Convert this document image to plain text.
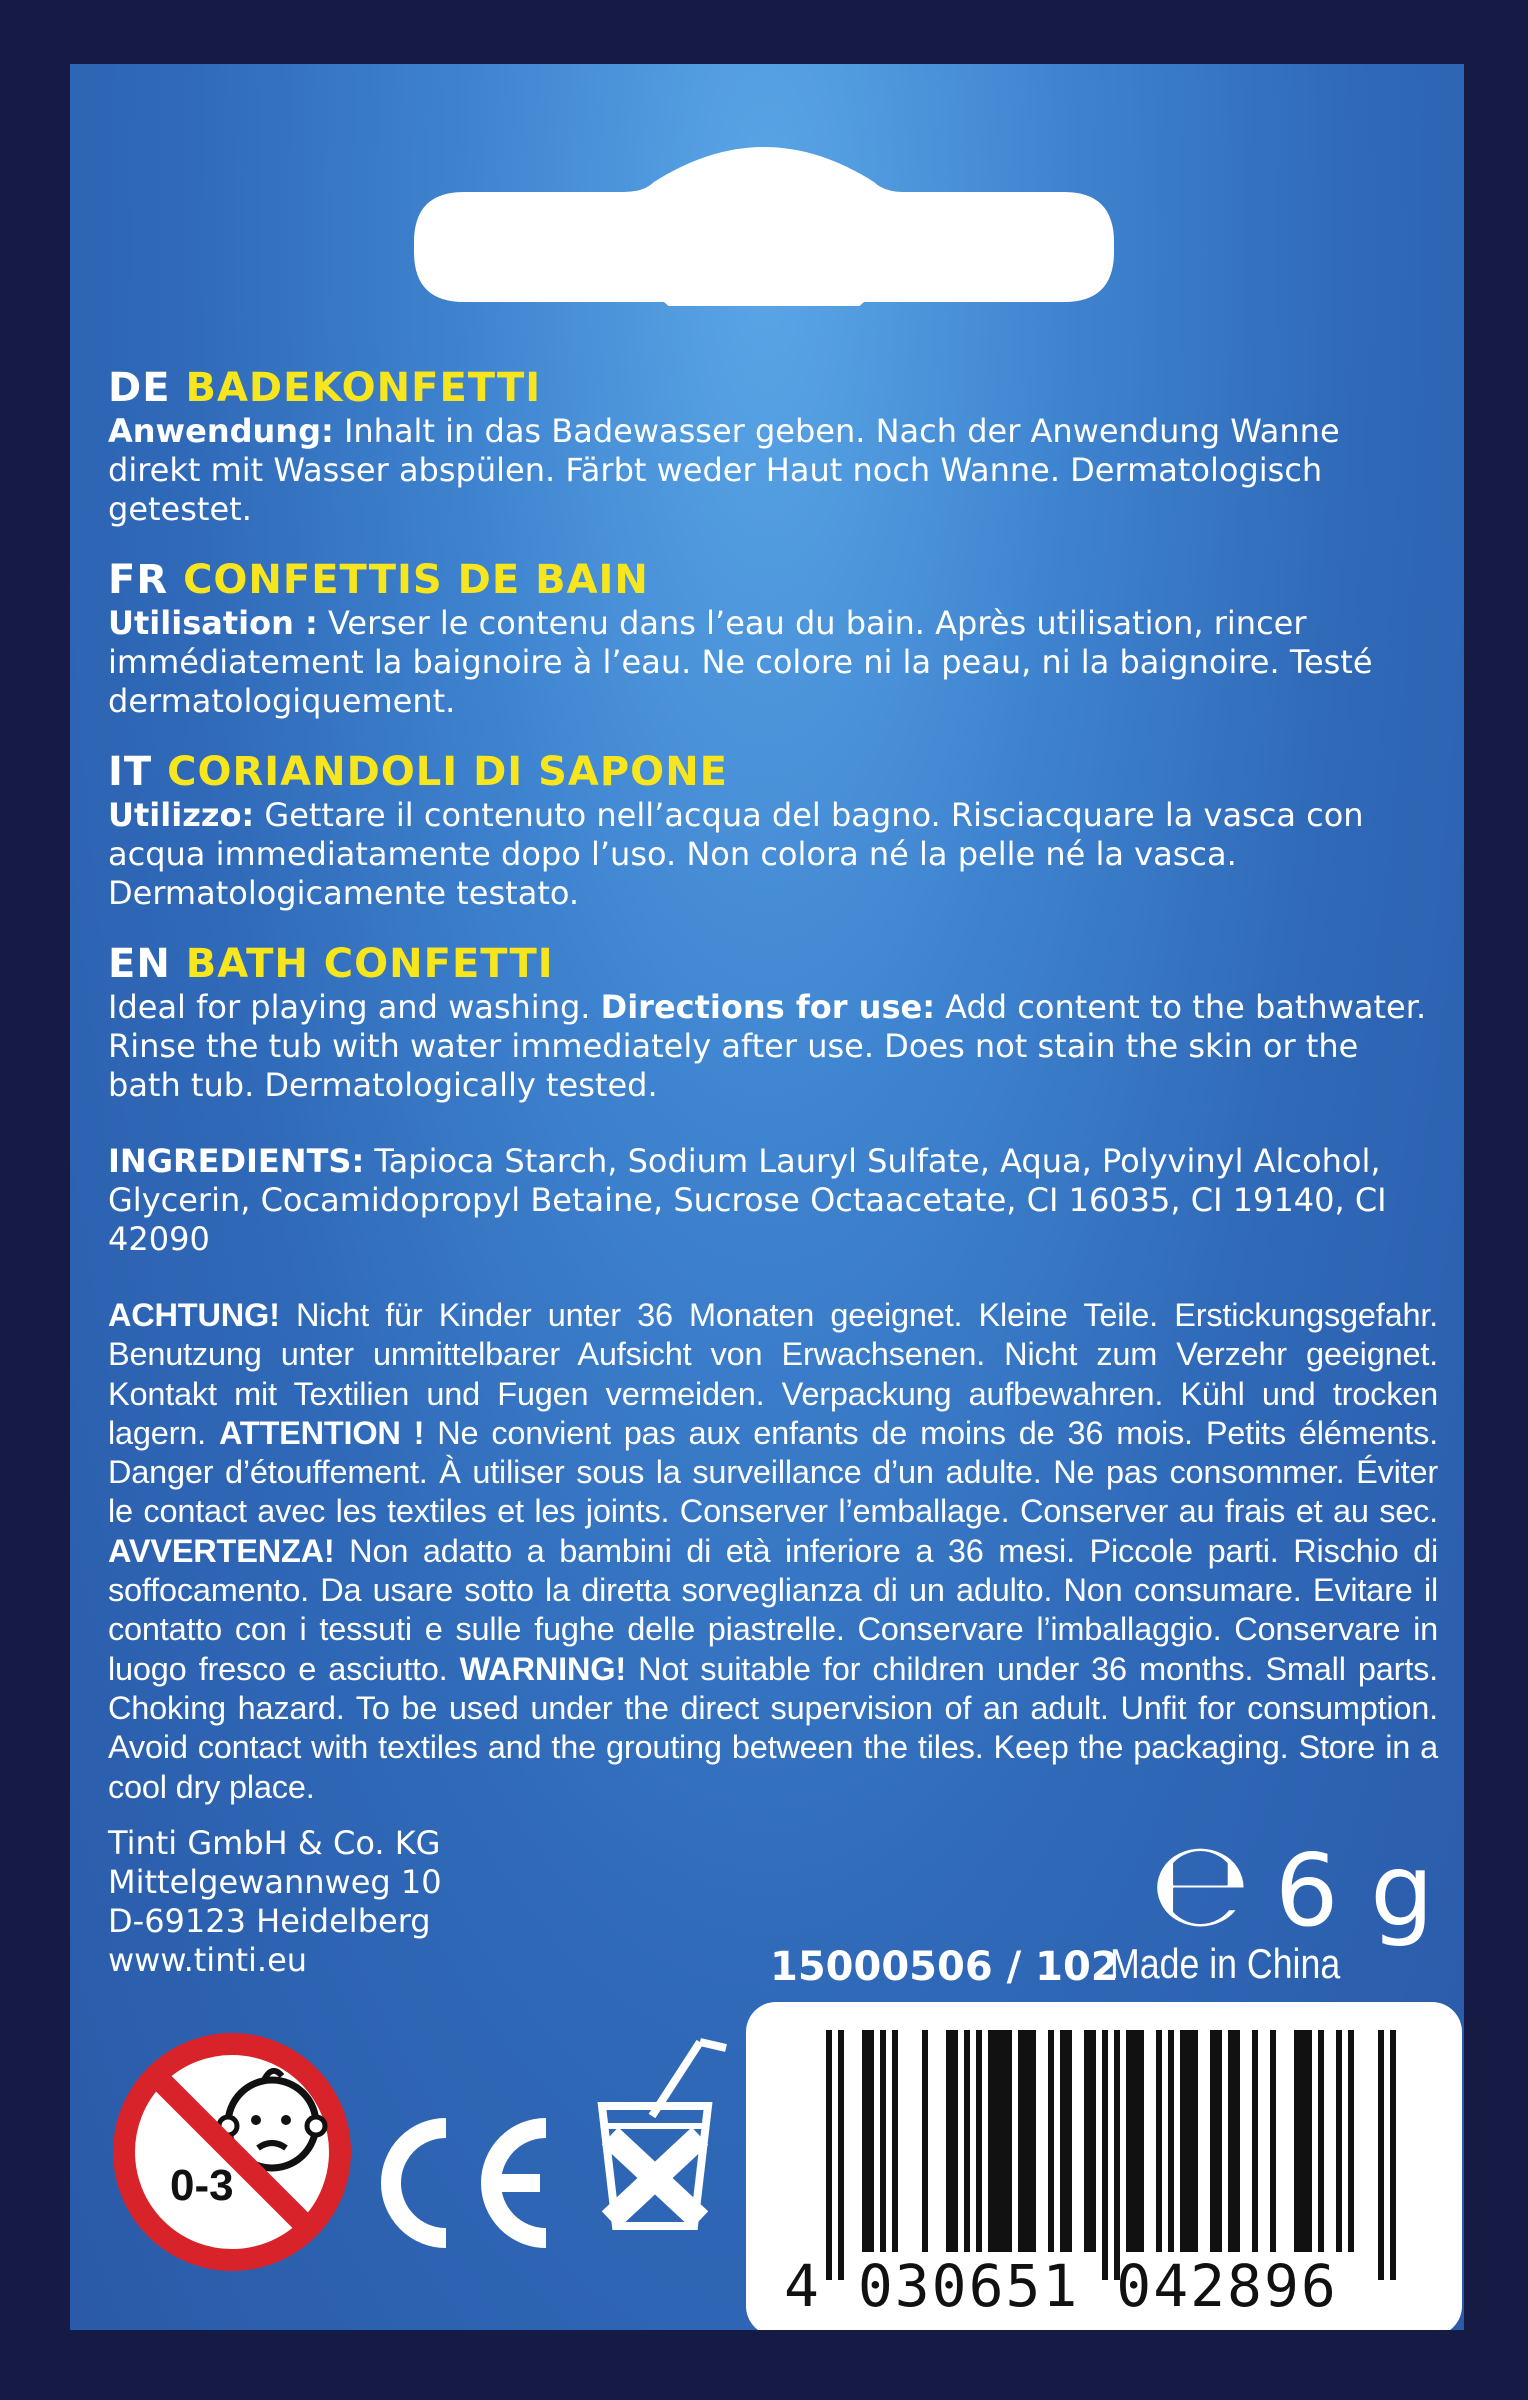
DE BADEKONFETTI
Anwendung: Inhalt in das Badewasser geben. Nach der Anwendung Wanne direkt mit Wasser abspülen. Färbt weder Haut noch Wanne. Dermatologisch getestet.
FR CONFETTIS DE BAIN
Utilisation : Verser le contenu dans l’eau du bain. Après utilisation, rincer immédiatement la baignoire à l’eau. Ne colore ni la peau, ni la baignoire. Testé dermatologiquement.
IT CORIANDOLI DI SAPONE
Utilizzo: Gettare il contenuto nell’acqua del bagno. Risciacquare la vasca con acqua immediatamente dopo l’uso. Non colora né la pelle né la vasca. Dermatologicamente testato.
EN BATH CONFETTI
Ideal for playing and washing. Directions for use: Add content to the bathwater. Rinse the tub with water immediately after use. Does not stain the skin or the bath tub. Dermatologically tested.
INGREDIENTS: Tapioca Starch, Sodium Lauryl Sulfate, Aqua, Polyvinyl Alcohol, Glycerin, Cocamidopropyl Betaine, Sucrose Octaacetate, CI 16035, CI 19140, CI 42090
ACHTUNG! Nicht für Kinder unter 36 Monaten geeignet. Kleine Teile. Erstickungsgefahr. Benutzung unter unmittelbarer Aufsicht von Erwachsenen. Nicht zum Verzehr geeignet. Kontakt mit Textilien und Fugen vermeiden. Verpackung aufbewahren. Kühl und trocken lagern. ATTENTION ! Ne convient pas aux enfants de moins de 36 mois. Petits éléments. Danger d’étouffement. À utiliser sous la surveillance d’un adulte. Ne pas consommer. Éviter le contact avec les textiles et les joints. Conserver l’emballage. Conserver au frais et au sec. AVVERTENZA! Non adatto a bambini di età inferiore a 36 mesi. Piccole parti. Rischio di soffocamento. Da usare sotto la diretta sorveglianza di un adulto. Non consumare. Evitare il contatto con i tessuti e sulle fughe delle piastrelle. Conservare l’imballaggio. Conservare in luogo fresco e asciutto. WARNING! Not suitable for children under 36 months. Small parts. Choking hazard. To be used under the direct supervision of an adult. Unfit for consumption. Avoid contact with textiles and the grouting between the tiles. Keep the packaging. Store in a cool dry place.
Tinti GmbH & Co. KG
Mittelgewannweg 10
D-69123 Heidelberg
www.tinti.eu
℮ 6 g
15000506 / 102
Made in China
0-3
4 030651 042896
